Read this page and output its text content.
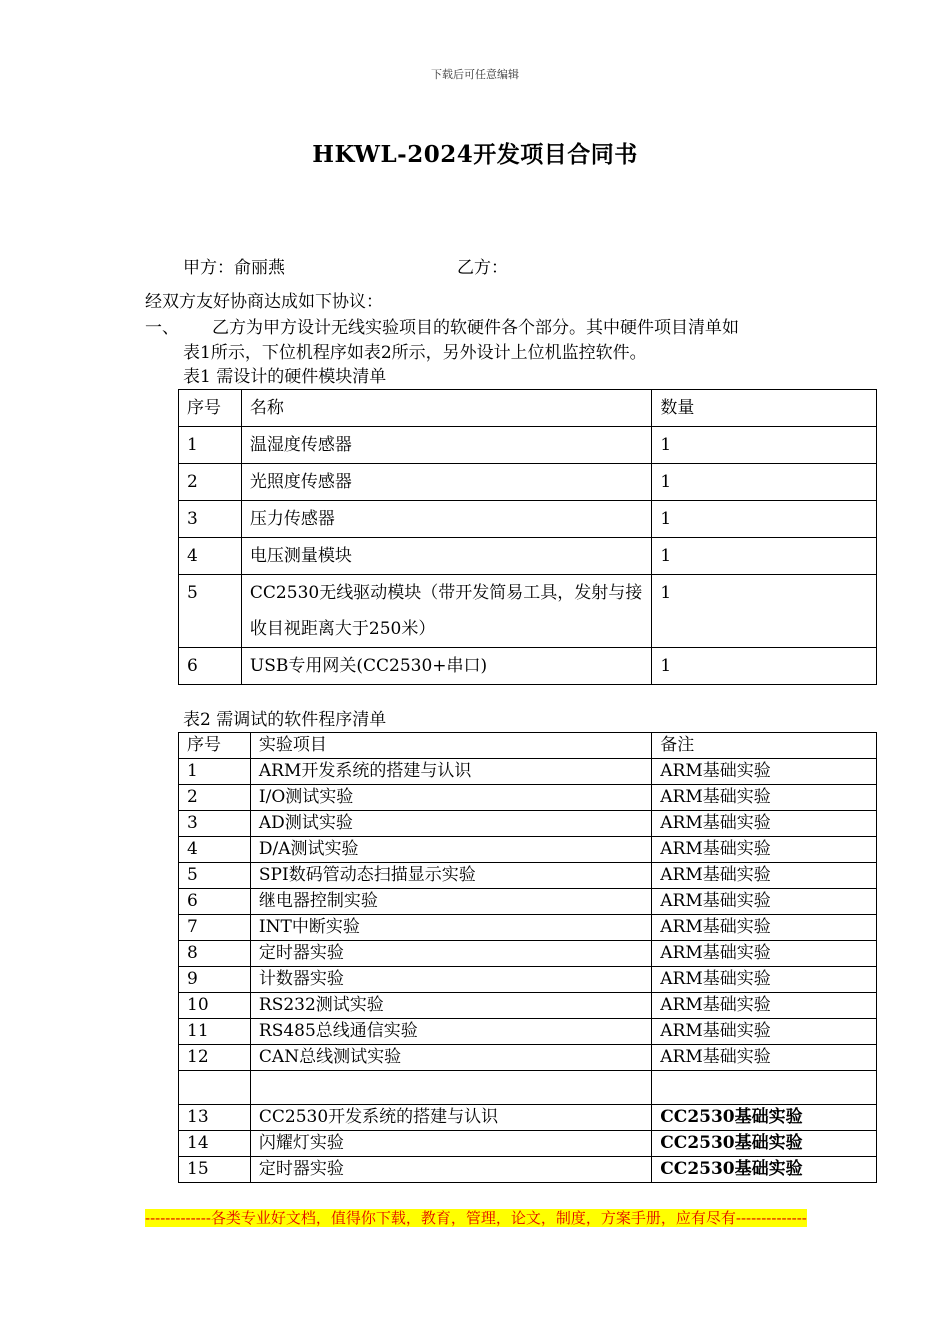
下载后可任意编辑
HKWL-2024开发项目合同书
甲方：俞丽燕	乙方：
经双方友好协商达成如下协议：
一、 乙方为甲方设计无线实验项目的软硬件各个部分。其中硬件项目清单如
表1所示，下位机程序如表2所示，另外设计上位机监控软件。
表1 需设计的硬件模块清单
序号	名称	数量
1	温湿度传感器	1
2	光照度传感器	1
3	压力传感器	1
4	电压测量模块	1
5	CC2530无线驱动模块（带开发简易工具，发射与接收目视距离大于250米）	1
6	USB专用网关(CC2530+串口)	1
表2 需调试的软件程序清单
序号	实验项目	备注
1	ARM开发系统的搭建与认识	ARM基础实验
2	I/O测试实验	ARM基础实验
3	AD测试实验	ARM基础实验
4	D/A测试实验	ARM基础实验
5	SPI数码管动态扫描显示实验	ARM基础实验
6	继电器控制实验	ARM基础实验
7	INT中断实验	ARM基础实验
8	定时器实验	ARM基础实验
9	计数器实验	ARM基础实验
10	RS232测试实验	ARM基础实验
11	RS485总线通信实验	ARM基础实验
12	CAN总线测试实验	ARM基础实验

13	CC2530开发系统的搭建与认识	CC2530基础实验
14	闪耀灯实验	CC2530基础实验
15	定时器实验	CC2530基础实验
-------------各类专业好文档，值得你下载，教育，管理，论文，制度，方案手册，应有尽有--------------
